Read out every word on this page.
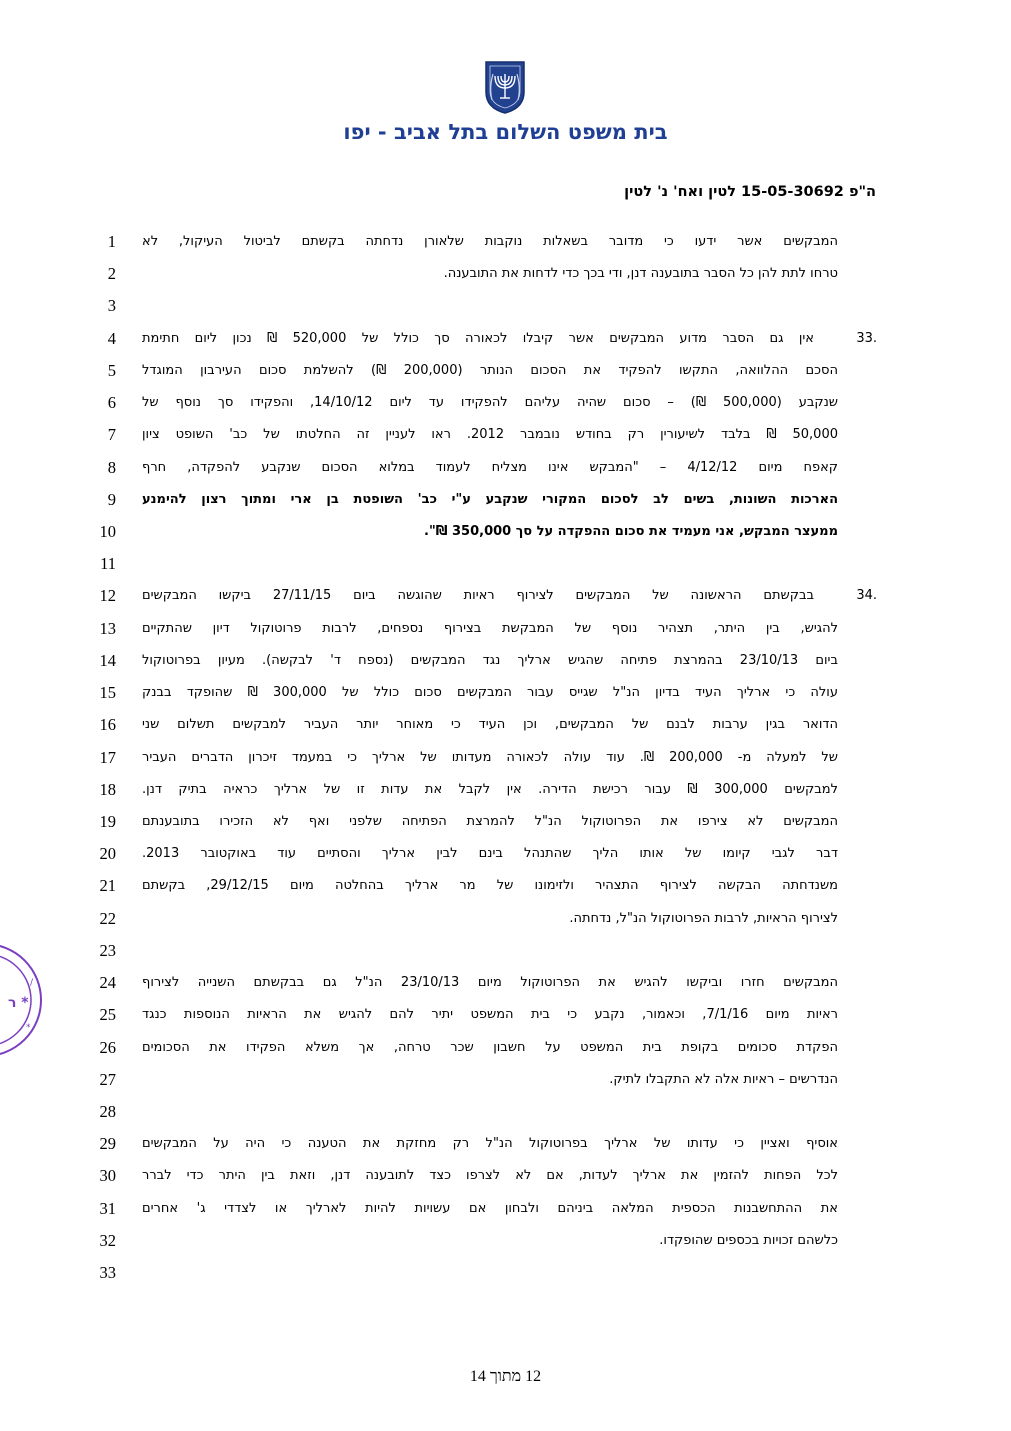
בית משפט השלום בתל אביב - יפו
ה"פ 15-05-30692 לטין ואח' נ' לטין
1 המבקשים אשר ידעו כי מדובר בשאלות נוקבות שלאורן נדחתה בקשתם לביטול העיקול, לא
2	טרחו לתת להן כל הסבר בתובענה דנן, ודי בכך כדי לדחות את התובענה.
3
4 אין גם הסבר מדוע המבקשים אשר קיבלו לכאורה סך כולל של 520,000 ₪ נכון ליום חתימת
5 הסכם ההלוואה, התקשו להפקיד את הסכום הנותר (200,000 ₪) להשלמת סכום העירבון המוגדל
6 שנקבע (500,000 ₪) – סכום שהיה עליהם להפקידו עד ליום 14/10/12, והפקידו סך נוסף של
7 50,000 ₪ בלבד לשיעורין רק בחודש נובמבר 2012. ראו לעניין זה החלטתו של כב' השופט ציון
8 קאפח מיום 4/12/12 – "המבקש אינו מצליח לעמוד במלוא הסכום שנקבע להפקדה, חרף
9 הארכות השונות, בשים לב לסכום המקורי שנקבע ע"י כב' השופטת בן ארי ומתוך רצון להימנע
10	ממעצר המבקש, אני מעמיד את סכום ההפקדה על סך 350,000 ₪".
11
12 בבקשתם הראשונה של המבקשים לצירוף ראיות שהוגשה ביום 27/11/15 ביקשו המבקשים
13 להגיש, בין היתר, תצהיר נוסף של המבקשת בצירוף נספחים, לרבות פרוטוקול דיון שהתקיים
14 ביום 23/10/13 בהמרצת פתיחה שהגיש ארליך נגד המבקשים (נספח ד' לבקשה). מעיון בפרוטוקול
15 עולה כי ארליך העיד בדיון הנ"ל שגייס עבור המבקשים סכום כולל של 300,000 ₪ שהופקד בבנק
16 הדואר בגין ערבות לבנם של המבקשים, וכן העיד כי מאוחר יותר העביר למבקשים תשלום שני
17 של למעלה מ- 200,000 ₪. עוד עולה לכאורה מעדותו של ארליך כי במעמד זיכרון הדברים העביר
18 למבקשים 300,000 ₪ עבור רכישת הדירה. אין לקבל את עדות זו של ארליך כראיה בתיק דנן.
19 המבקשים לא צירפו את הפרוטוקול הנ"ל להמרצת הפתיחה שלפני ואף לא הזכירו בתובענתם
20 דבר לגבי קיומו של אותו הליך שהתנהל בינם לבין ארליך והסתיים עוד באוקטובר 2013.
21 משנדחתה הבקשה לצירוף התצהיר ולזימונו של מר ארליך בהחלטה מיום 29/12/15, בקשתם
22	לצירוף הראיות, לרבות הפרוטוקול הנ"ל, נדחתה.
23
24 המבקשים חזרו וביקשו להגיש את הפרוטוקול מיום 23/10/13 הנ"ל גם בבקשתם השנייה לצירוף
25 ראיות מיום 7/1/16, וכאמור, נקבע כי בית המשפט יתיר להם להגיש את הראיות הנוספות כנגד
26 הפקדת סכומים בקופת בית המשפט על חשבון שכר טרחה, אך משלא הפקידו את הסכומים
27	הנדרשים – ראיות אלה לא התקבלו לתיק.
28
29 אוסיף ואציין כי עדותו של ארליך בפרוטוקול הנ"ל רק מחזקת את הטענה כי היה על המבקשים
30 לכל הפחות להזמין את ארליך לעדות, אם לא לצרפו כצד לתובענה דנן, וזאת בין היתר כדי לברר
31 את ההתחשבנות הכספית המלאה ביניהם ולבחון אם עשויות להיות לארליך או לצדדי ג' אחרים
32	כלשהם זכויות בכספים שהופקדו.
33
33.
34.
12 מתוך 14
ר *
*
/
